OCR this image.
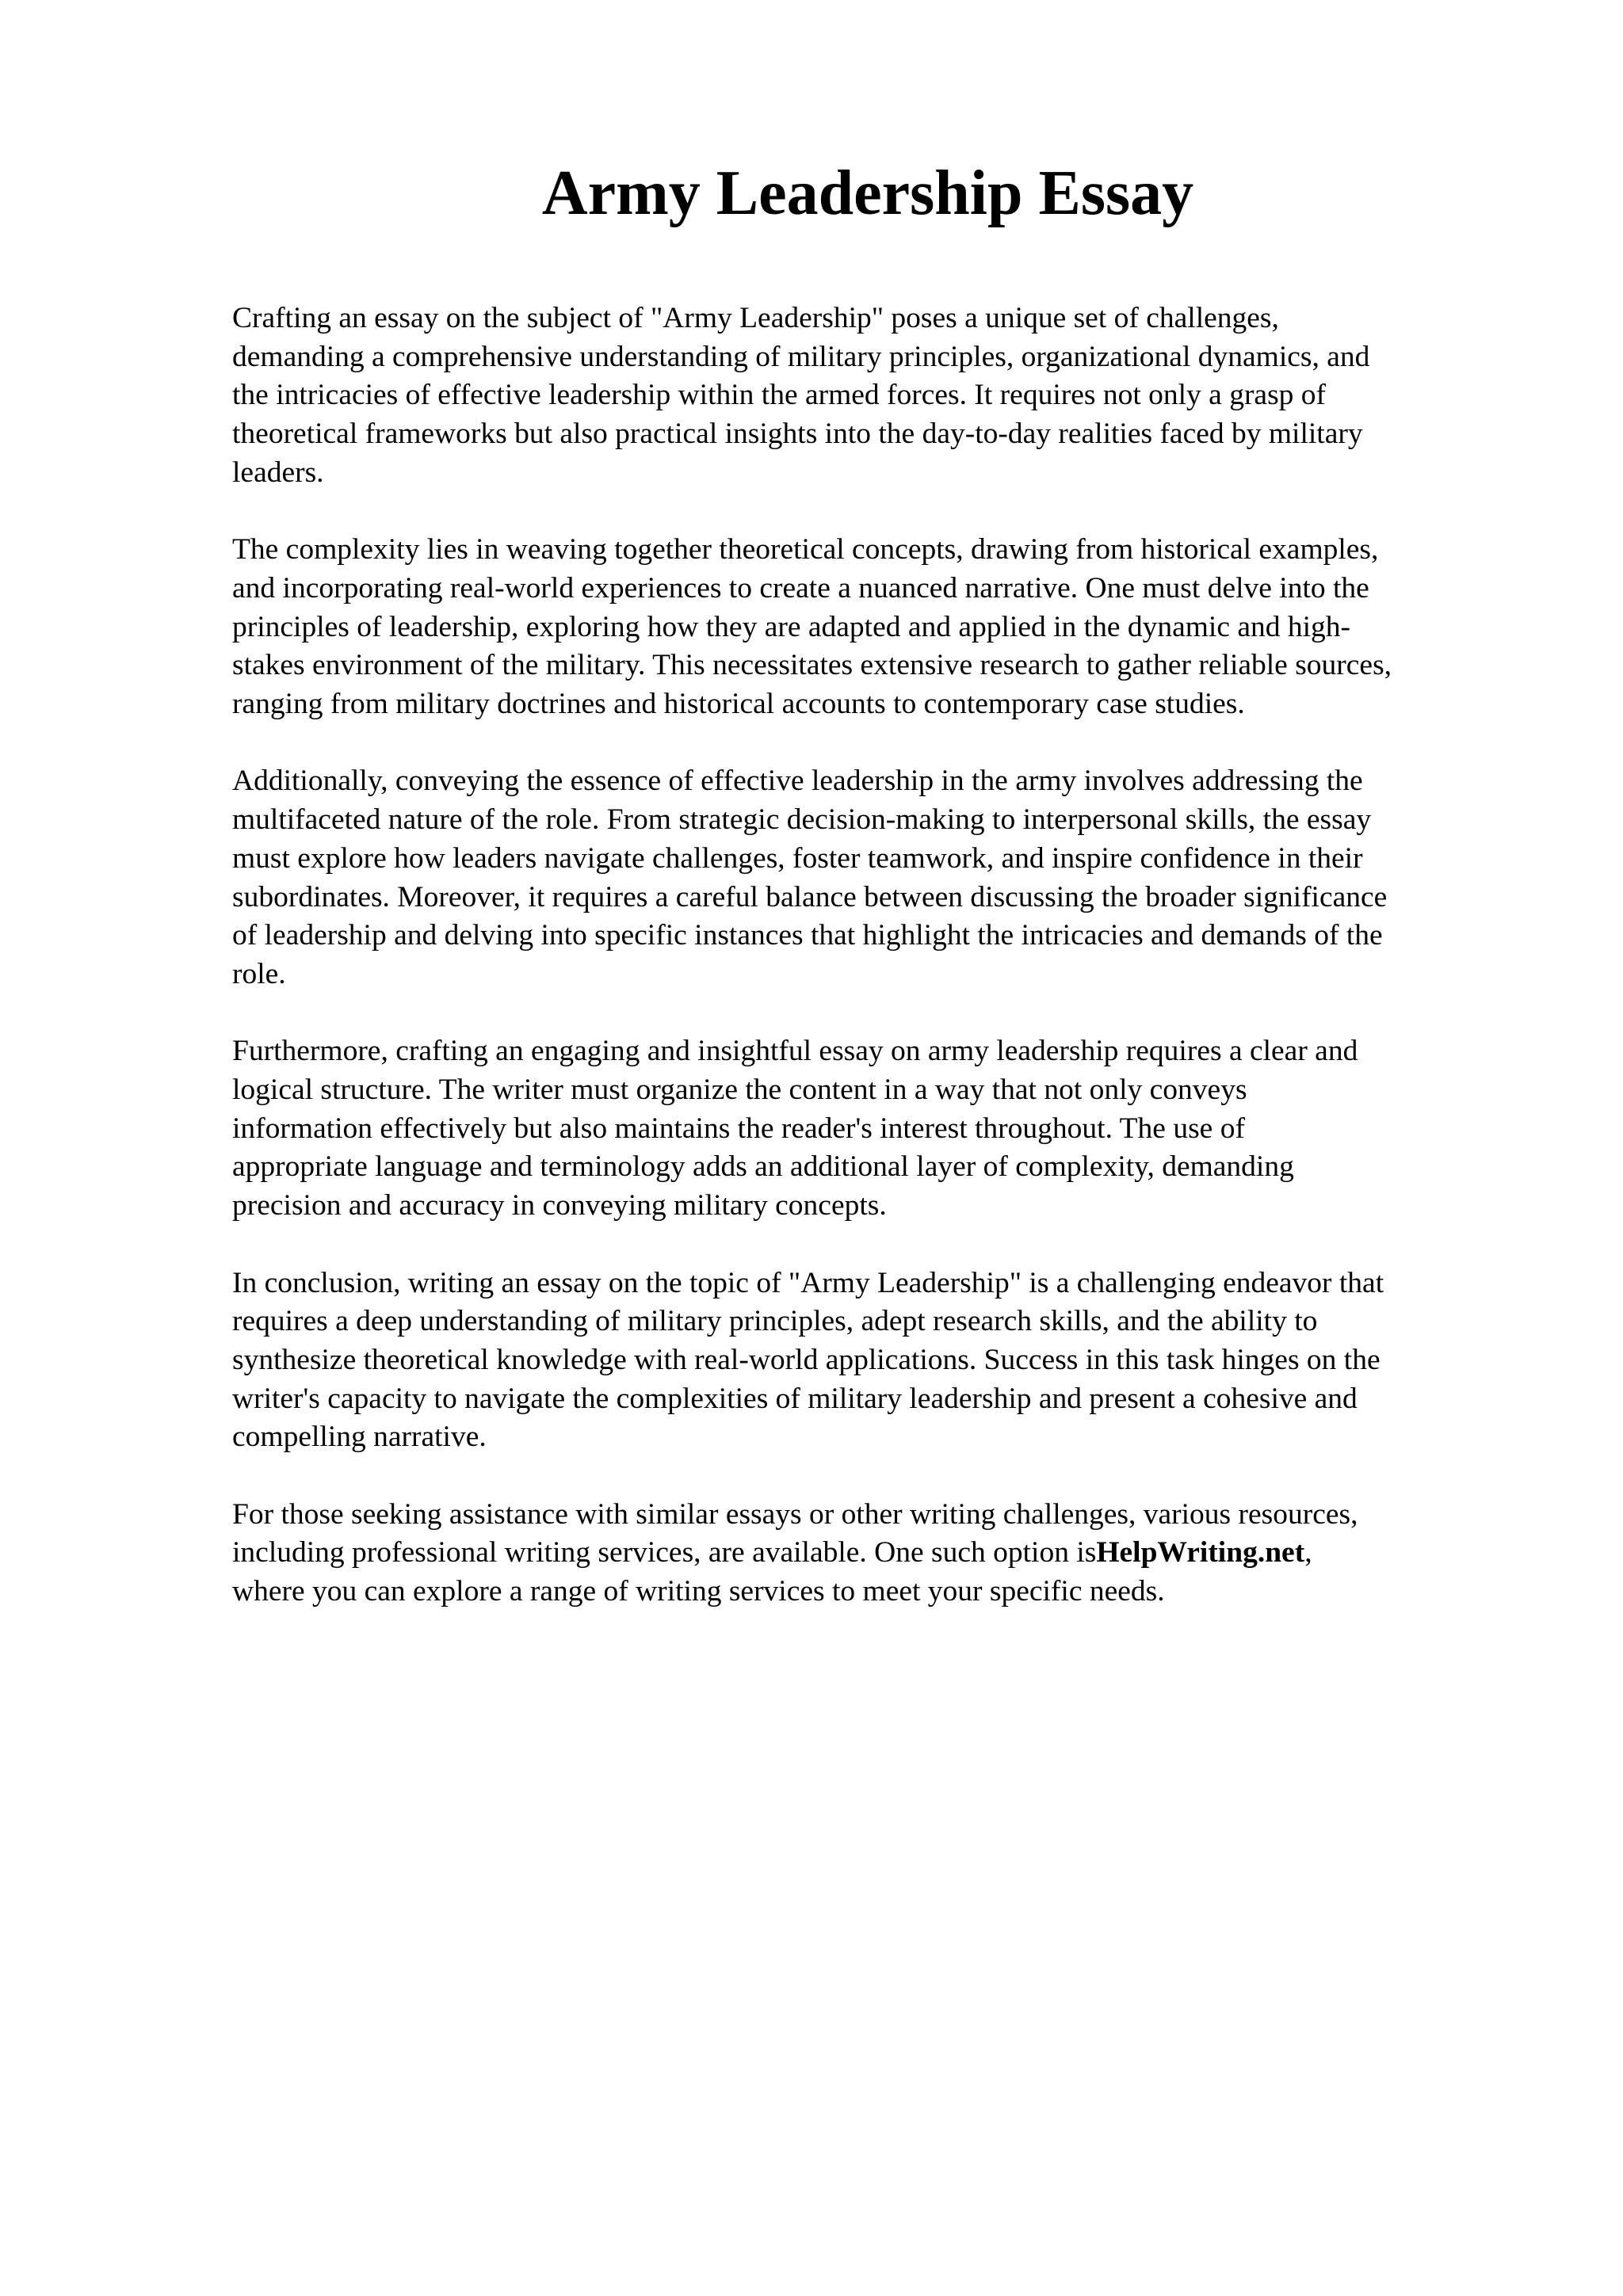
Army Leadership Essay

Crafting an essay on the subject of "Army Leadership" poses a unique set of challenges,
demanding a comprehensive understanding of military principles, organizational dynamics, and
the intricacies of effective leadership within the armed forces. It requires not only a grasp of
theoretical frameworks but also practical insights into the day-to-day realities faced by military
leaders.

The complexity lies in weaving together theoretical concepts, drawing from historical examples,
and incorporating real-world experiences to create a nuanced narrative. One must delve into the
principles of leadership, exploring how they are adapted and applied in the dynamic and high-
stakes environment of the military. This necessitates extensive research to gather reliable sources,
ranging from military doctrines and historical accounts to contemporary case studies.

Additionally, conveying the essence of effective leadership in the army involves addressing the
multifaceted nature of the role. From strategic decision-making to interpersonal skills, the essay
must explore how leaders navigate challenges, foster teamwork, and inspire confidence in their
subordinates. Moreover, it requires a careful balance between discussing the broader significance
of leadership and delving into specific instances that highlight the intricacies and demands of the
role.

Furthermore, crafting an engaging and insightful essay on army leadership requires a clear and
logical structure. The writer must organize the content in a way that not only conveys
information effectively but also maintains the reader's interest throughout. The use of
appropriate language and terminology adds an additional layer of complexity, demanding
precision and accuracy in conveying military concepts.

In conclusion, writing an essay on the topic of "Army Leadership" is a challenging endeavor that
requires a deep understanding of military principles, adept research skills, and the ability to
synthesize theoretical knowledge with real-world applications. Success in this task hinges on the
writer's capacity to navigate the complexities of military leadership and present a cohesive and
compelling narrative.

For those seeking assistance with similar essays or other writing challenges, various resources,
including professional writing services, are available. One such option isHelpWriting.net,
where you can explore a range of writing services to meet your specific needs.
